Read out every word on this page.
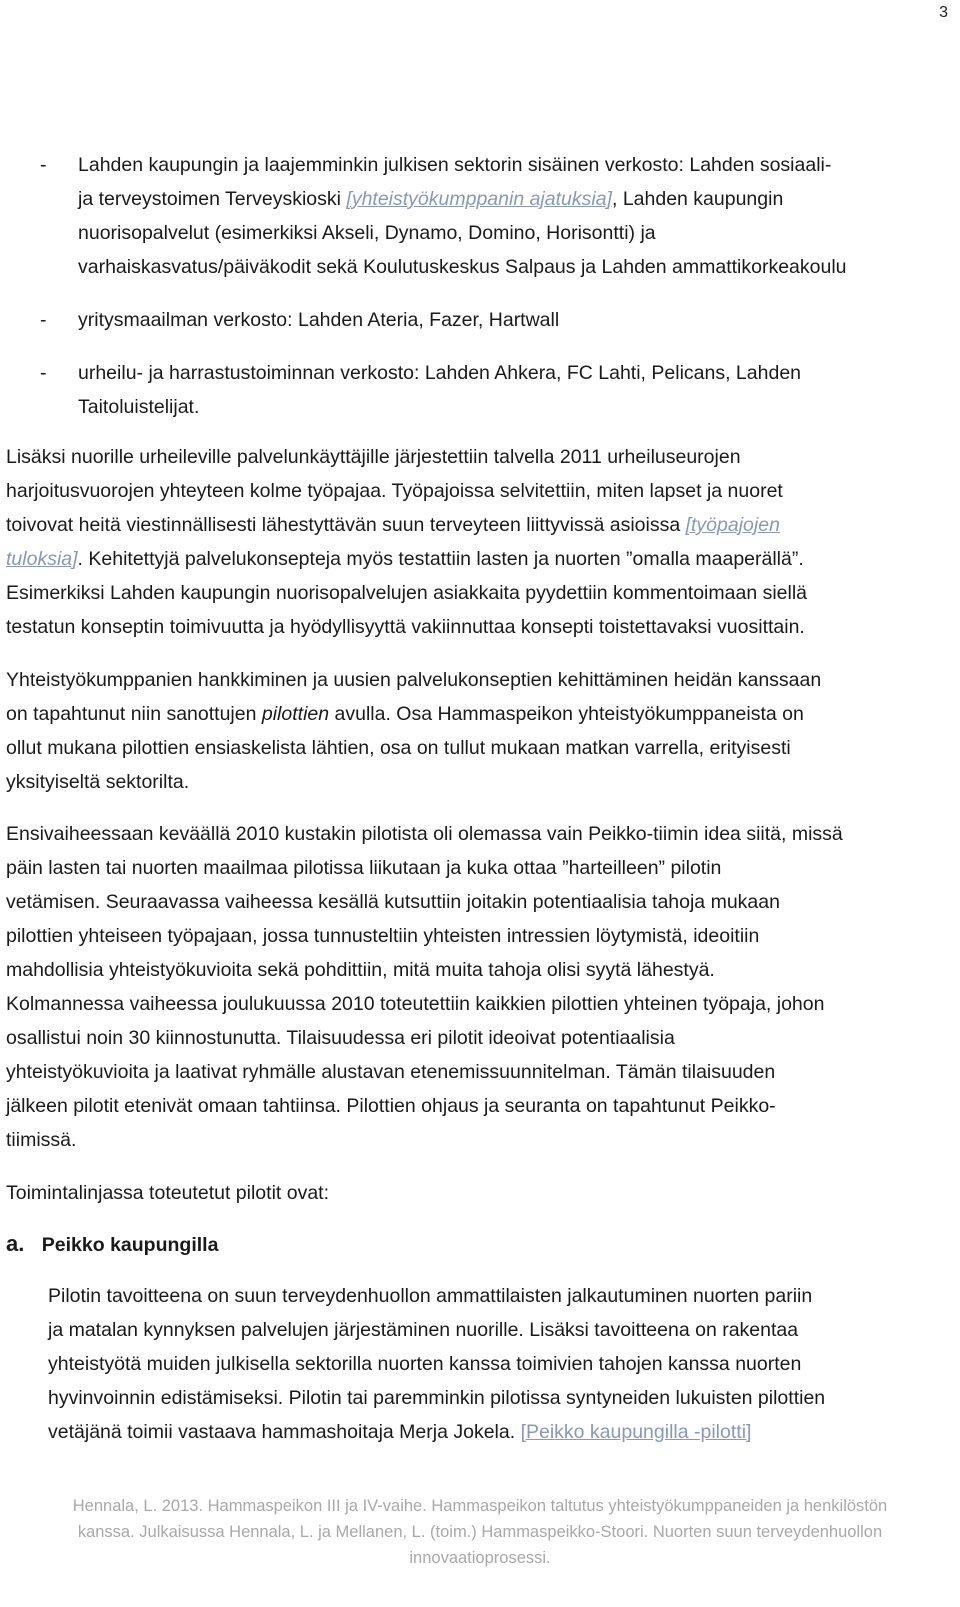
3
- Lahden kaupungin ja laajemminkin julkisen sektorin sisäinen verkosto: Lahden sosiaali-
ja terveystoimen Terveyskioski [yhteistyökumppanin ajatuksia], Lahden kaupungin
nuorisopalvelut (esimerkiksi Akseli, Dynamo, Domino, Horisontti) ja
varhaiskasvatus/päiväkodit sekä Koulutuskeskus Salpaus ja Lahden ammattikorkeakoulu
- yritysmaailman verkosto: Lahden Ateria, Fazer, Hartwall
- urheilu- ja harrastustoiminnan verkosto: Lahden Ahkera, FC Lahti, Pelicans, Lahden
Taitoluistelijat.
Lisäksi nuorille urheileville palvelunkäyttäjille järjestettiin talvella 2011 urheiluseurojen
harjoitusvuorojen yhteyteen kolme työpajaa. Työpajoissa selvitettiin, miten lapset ja nuoret
toivovat heitä viestinnällisesti lähestyttävän suun terveyteen liittyvissä asioissa [työpajojen
tuloksia]. Kehitettyjä palvelukonsepteja myös testattiin lasten ja nuorten ”omalla maaperällä”.
Esimerkiksi Lahden kaupungin nuorisopalvelujen asiakkaita pyydettiin kommentoimaan siellä
testatun konseptin toimivuutta ja hyödyllisyyttä vakiinnuttaa konsepti toistettavaksi vuosittain.
Yhteistyökumppanien hankkiminen ja uusien palvelukonseptien kehittäminen heidän kanssaan
on tapahtunut niin sanottujen pilottien avulla. Osa Hammaspeikon yhteistyökumppaneista on
ollut mukana pilottien ensiaskelista lähtien, osa on tullut mukaan matkan varrella, erityisesti
yksityiseltä sektorilta.
Ensivaiheessaan keväällä 2010 kustakin pilotista oli olemassa vain Peikko-tiimin idea siitä, missä
päin lasten tai nuorten maailmaa pilotissa liikutaan ja kuka ottaa ”harteilleen” pilotin
vetämisen. Seuraavassa vaiheessa kesällä kutsuttiin joitakin potentiaalisia tahoja mukaan
pilottien yhteiseen työpajaan, jossa tunnusteltiin yhteisten intressien löytymistä, ideoitiin
mahdollisia yhteistyökuvioita sekä pohdittiin, mitä muita tahoja olisi syytä lähestyä.
Kolmannessa vaiheessa joulukuussa 2010 toteutettiin kaikkien pilottien yhteinen työpaja, johon
osallistui noin 30 kiinnostunutta. Tilaisuudessa eri pilotit ideoivat potentiaalisia
yhteistyökuvioita ja laativat ryhmälle alustavan etenemissuunnitelman. Tämän tilaisuuden
jälkeen pilotit etenivät omaan tahtiinsa. Pilottien ohjaus ja seuranta on tapahtunut Peikko-
tiimissä.
Toimintalinjassa toteutetut pilotit ovat:
a. Peikko kaupungilla
Pilotin tavoitteena on suun terveydenhuollon ammattilaisten jalkautuminen nuorten pariin
ja matalan kynnyksen palvelujen järjestäminen nuorille. Lisäksi tavoitteena on rakentaa
yhteistyötä muiden julkisella sektorilla nuorten kanssa toimivien tahojen kanssa nuorten
hyvinvoinnin edistämiseksi. Pilotin tai paremminkin pilotissa syntyneiden lukuisten pilottien
vetäjänä toimii vastaava hammashoitaja Merja Jokela. [Peikko kaupungilla -pilotti]
Hennala, L. 2013. Hammaspeikon III ja IV-vaihe. Hammaspeikon taltutus yhteistyökumppaneiden ja henkilöstön
kanssa. Julkaisussa Hennala, L. ja Mellanen, L. (toim.) Hammaspeikko-Stoori. Nuorten suun terveydenhuollon
innovaatioprosessi.
